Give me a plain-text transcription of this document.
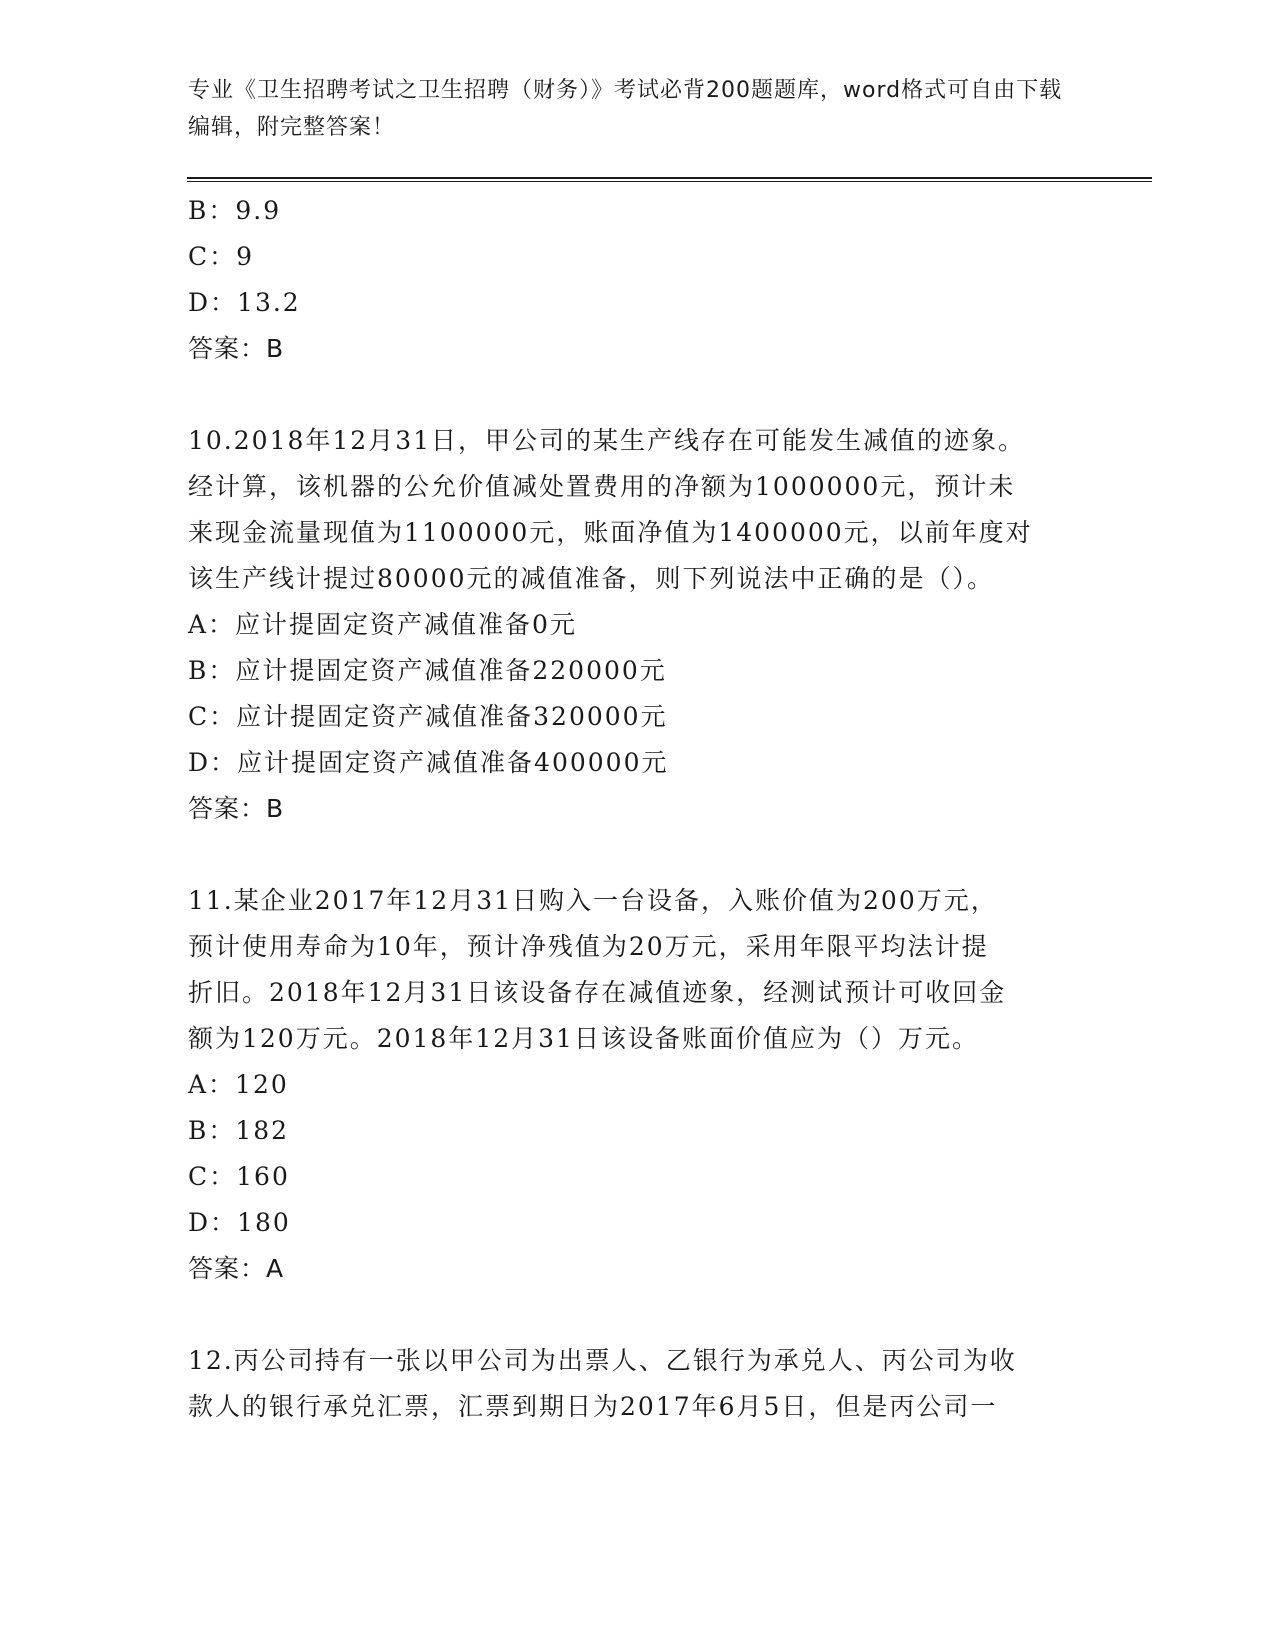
专业《卫生招聘考试之卫生招聘（财务）》考试必背200题题库，word格式可自由下载编辑，附完整答案！
B：9.9
C：9
D：13.2
答案：B
10.2018年12月31日，甲公司的某生产线存在可能发生减值的迹象。
经计算，该机器的公允价值减处置费用的净额为1000000元，预计未
来现金流量现值为1100000元，账面净值为1400000元，以前年度对
该生产线计提过80000元的减值准备，则下列说法中正确的是（）。
A：应计提固定资产减值准备0元
B：应计提固定资产减值准备220000元
C：应计提固定资产减值准备320000元
D：应计提固定资产减值准备400000元
答案：B
11.某企业2017年12月31日购入一台设备，入账价值为200万元，
预计使用寿命为10年，预计净残值为20万元，采用年限平均法计提
折旧。2018年12月31日该设备存在减值迹象，经测试预计可收回金
额为120万元。2018年12月31日该设备账面价值应为（）万元。
A：120
B：182
C：160
D：180
答案：A
12.丙公司持有一张以甲公司为出票人、乙银行为承兑人、丙公司为收
款人的银行承兑汇票，汇票到期日为2017年6月5日，但是丙公司一
